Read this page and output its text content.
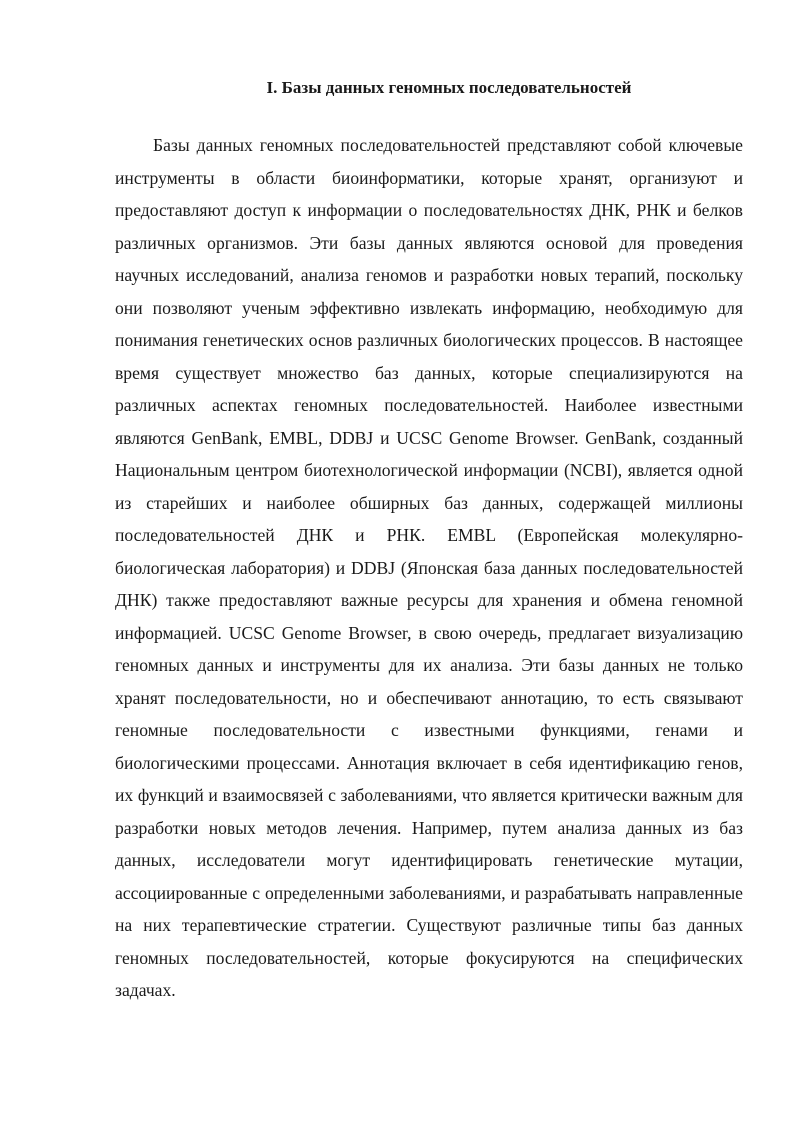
I. Базы данных геномных последовательностей

Базы данных геномных последовательностей представляют собой ключевые инструменты в области биоинформатики, которые хранят, организуют и предоставляют доступ к информации о последовательностях ДНК, РНК и белков различных организмов. Эти базы данных являются основой для проведения научных исследований, анализа геномов и разработки новых терапий, поскольку они позволяют ученым эффективно извлекать информацию, необходимую для понимания генетических основ различных биологических процессов. В настоящее время существует множество баз данных, которые специализируются на различных аспектах геномных последовательностей. Наиболее известными являются GenBank, EMBL, DDBJ и UCSC Genome Browser. GenBank, созданный Национальным центром биотехнологической информации (NCBI), является одной из старейших и наиболее обширных баз данных, содержащей миллионы последовательностей ДНК и РНК. EMBL (Европейская молекулярно-биологическая лаборатория) и DDBJ (Японская база данных последовательностей ДНК) также предоставляют важные ресурсы для хранения и обмена геномной информацией. UCSC Genome Browser, в свою очередь, предлагает визуализацию геномных данных и инструменты для их анализа. Эти базы данных не только хранят последовательности, но и обеспечивают аннотацию, то есть связывают геномные последовательности с известными функциями, генами и биологическими процессами. Аннотация включает в себя идентификацию генов, их функций и взаимосвязей с заболеваниями, что является критически важным для разработки новых методов лечения. Например, путем анализа данных из баз данных, исследователи могут идентифицировать генетические мутации, ассоциированные с определенными заболеваниями, и разрабатывать направленные на них терапевтические стратегии. Существуют различные типы баз данных геномных последовательностей, которые фокусируются на специфических задачах.
